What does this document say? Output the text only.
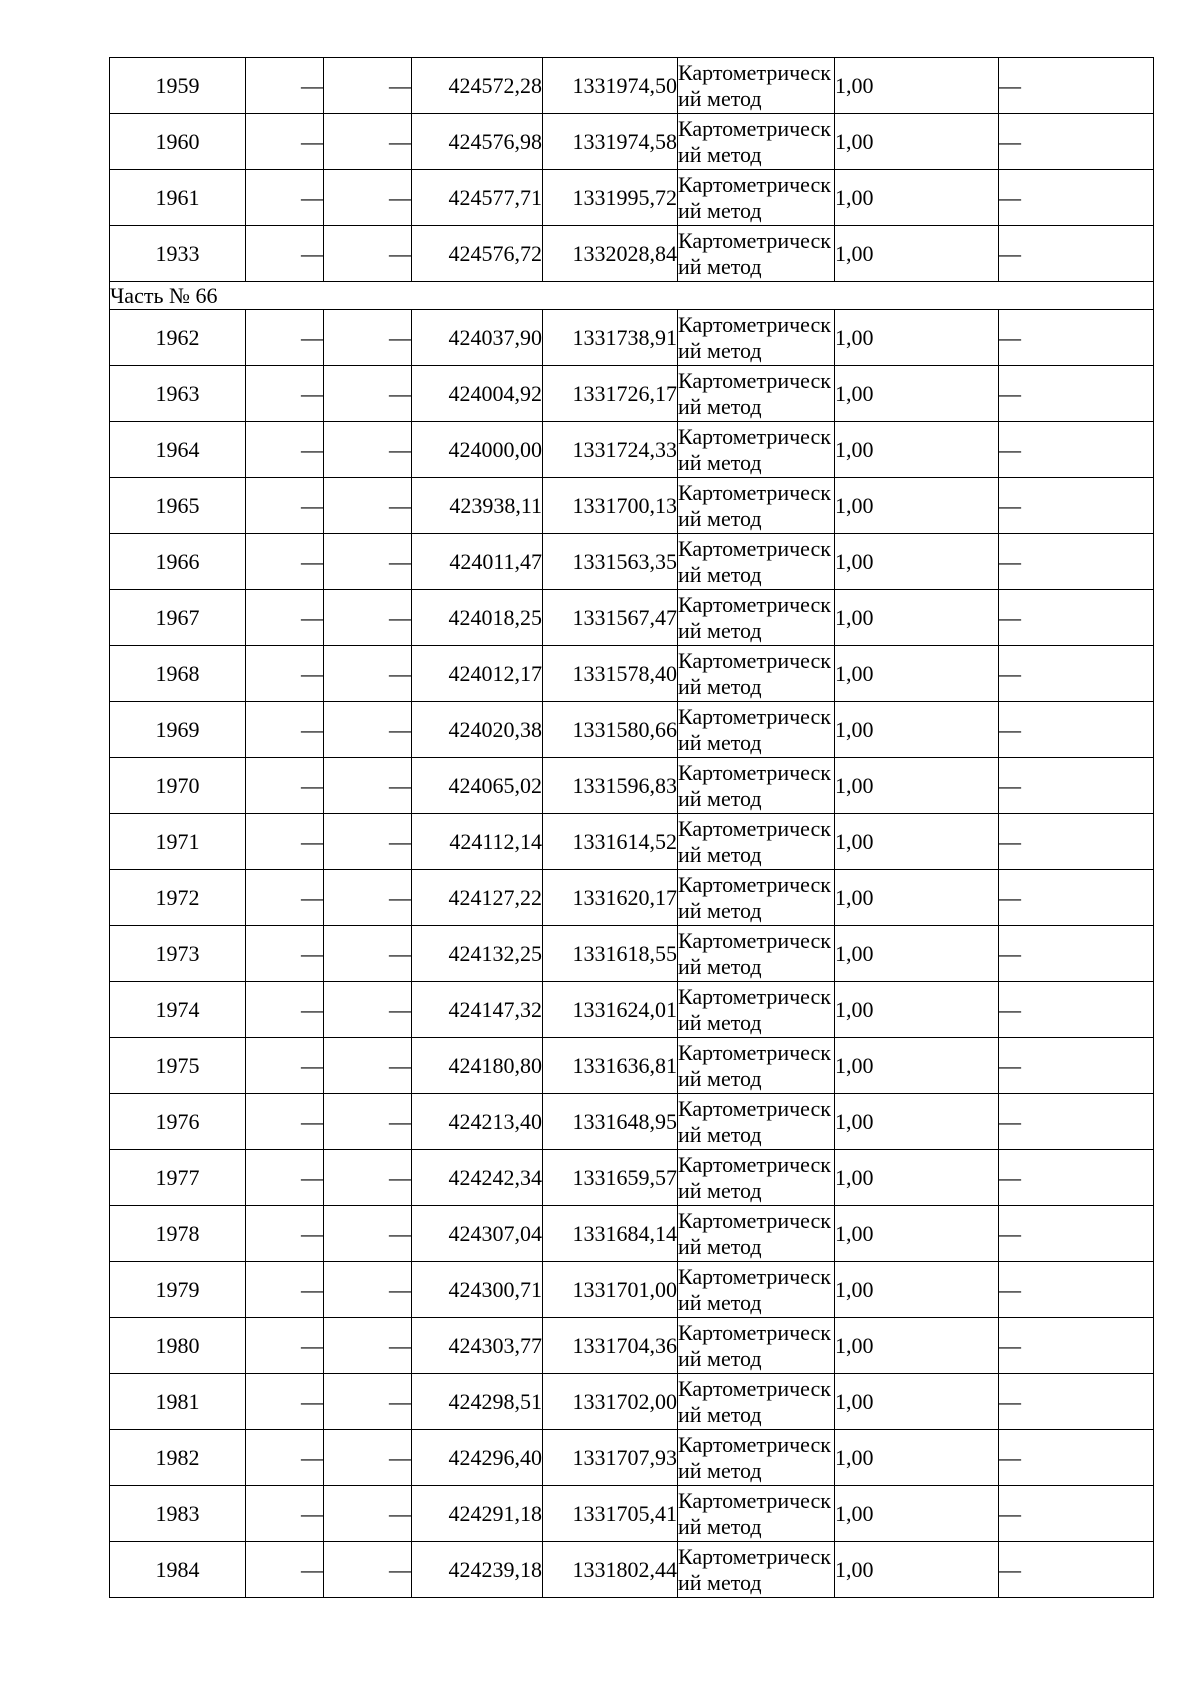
1959	—	—	424572,28	1331974,50	Картометрический метод	1,00	—
1960	—	—	424576,98	1331974,58	Картометрический метод	1,00	—
1961	—	—	424577,71	1331995,72	Картометрический метод	1,00	—
1933	—	—	424576,72	1332028,84	Картометрический метод	1,00	—
Часть № 66							
1962	—	—	424037,90	1331738,91	Картометрический метод	1,00	—
1963	—	—	424004,92	1331726,17	Картометрический метод	1,00	—
1964	—	—	424000,00	1331724,33	Картометрический метод	1,00	—
1965	—	—	423938,11	1331700,13	Картометрический метод	1,00	—
1966	—	—	424011,47	1331563,35	Картометрический метод	1,00	—
1967	—	—	424018,25	1331567,47	Картометрический метод	1,00	—
1968	—	—	424012,17	1331578,40	Картометрический метод	1,00	—
1969	—	—	424020,38	1331580,66	Картометрический метод	1,00	—
1970	—	—	424065,02	1331596,83	Картометрический метод	1,00	—
1971	—	—	424112,14	1331614,52	Картометрический метод	1,00	—
1972	—	—	424127,22	1331620,17	Картометрический метод	1,00	—
1973	—	—	424132,25	1331618,55	Картометрический метод	1,00	—
1974	—	—	424147,32	1331624,01	Картометрический метод	1,00	—
1975	—	—	424180,80	1331636,81	Картометрический метод	1,00	—
1976	—	—	424213,40	1331648,95	Картометрический метод	1,00	—
1977	—	—	424242,34	1331659,57	Картометрический метод	1,00	—
1978	—	—	424307,04	1331684,14	Картометрический метод	1,00	—
1979	—	—	424300,71	1331701,00	Картометрический метод	1,00	—
1980	—	—	424303,77	1331704,36	Картометрический метод	1,00	—
1981	—	—	424298,51	1331702,00	Картометрический метод	1,00	—
1982	—	—	424296,40	1331707,93	Картометрический метод	1,00	—
1983	—	—	424291,18	1331705,41	Картометрический метод	1,00	—
1984	—	—	424239,18	1331802,44	Картометрический метод	1,00	—
